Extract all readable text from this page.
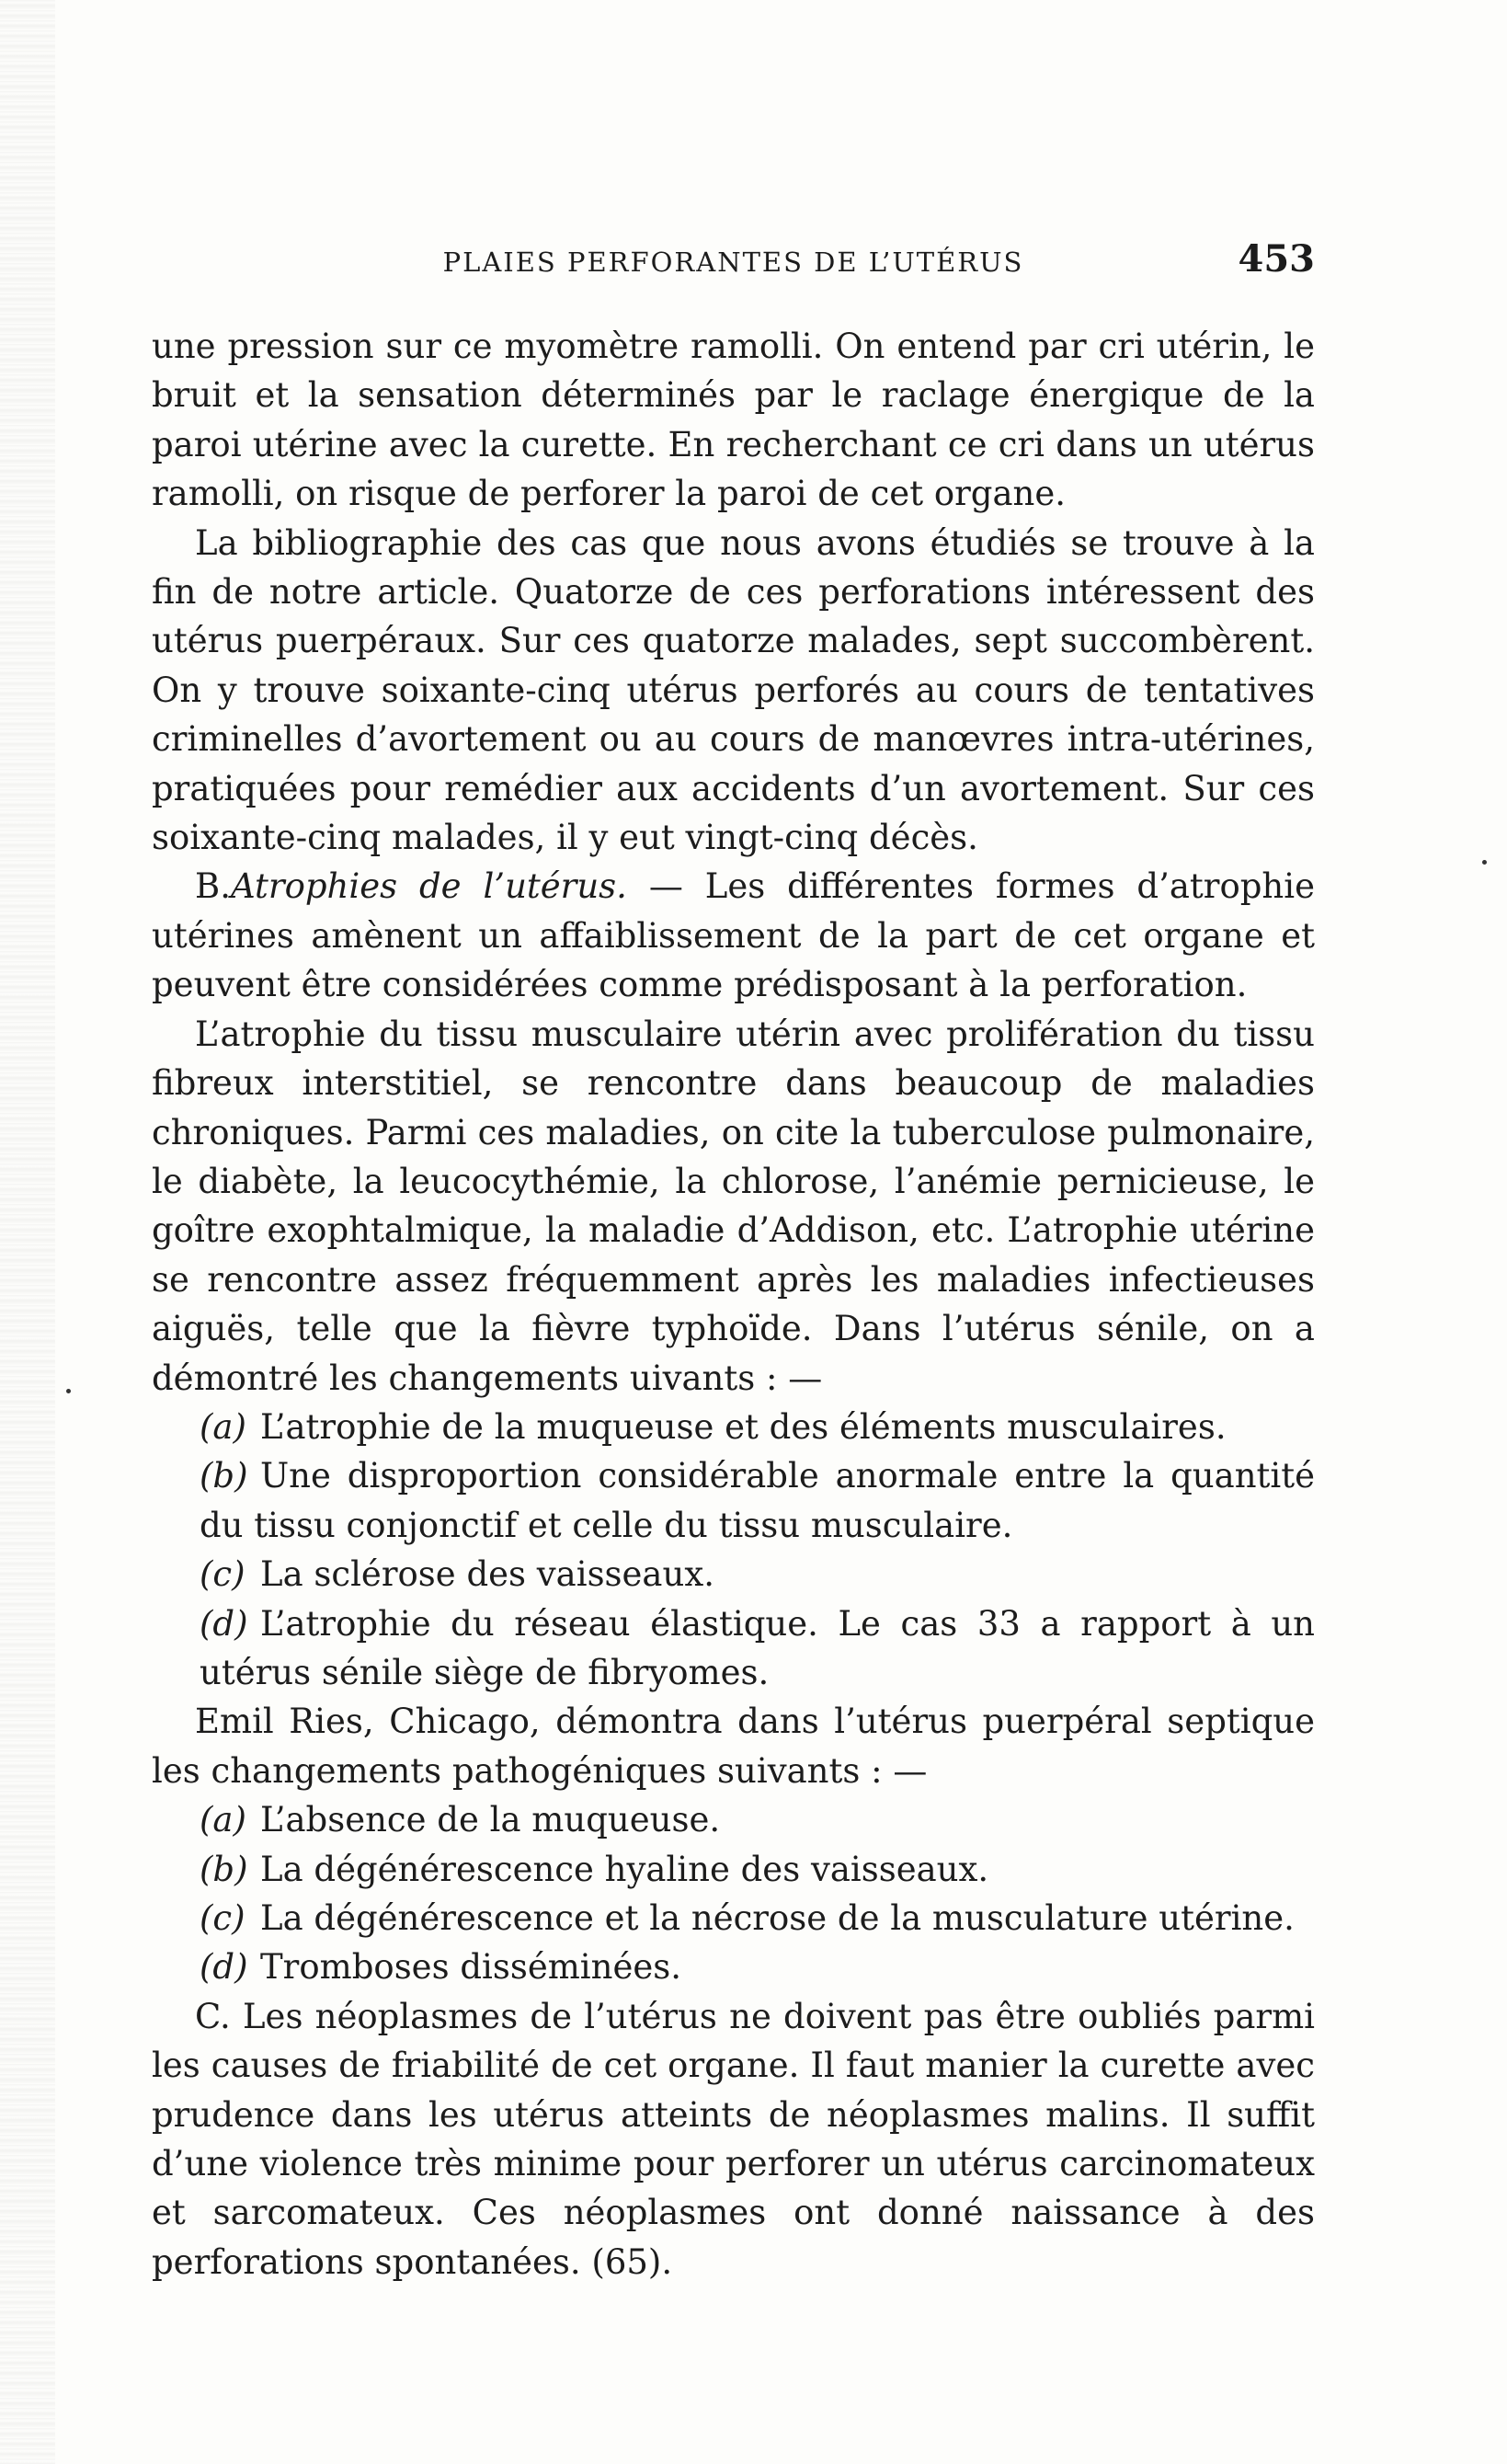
PLAIES PERFORANTES DE L’UTÉRUS	453

une pression sur ce myomètre ramolli. On entend par cri utérin, le bruit et la sensation déterminés par le raclage énergique de la paroi utérine avec la curette. En recherchant ce cri dans un utérus ramolli, on risque de perforer la paroi de cet organe.

La bibliographie des cas que nous avons étudiés se trouve à la fin de notre article. Quatorze de ces perforations intéressent des utérus puerpéraux. Sur ces quatorze malades, sept succombèrent. On y trouve soixante-cinq utérus perforés au cours de tentatives criminelles d’avortement ou au cours de manœvres intra-utérines, pratiquées pour remédier aux accidents d’un avortement. Sur ces soixante-cinq malades, il y eut vingt-cinq décès.

B.Atrophies de l’utérus. — Les différentes formes d’atrophie utérines amènent un affaiblissement de la part de cet organe et peuvent être considérées comme prédisposant à la perforation.

L’atrophie du tissu musculaire utérin avec prolifération du tissu fibreux interstitiel, se rencontre dans beaucoup de maladies chroniques. Parmi ces maladies, on cite la tuberculose pulmonaire, le diabète, la leucocythémie, la chlorose, l’anémie pernicieuse, le goître exophtalmique, la maladie d’Addison, etc. L’atrophie utérine se rencontre assez fréquemment après les maladies infectieuses aiguës, telle que la fièvre typhoïde. Dans l’utérus sénile, on a démontré les changements uivants : —

(a) L’atrophie de la muqueuse et des éléments musculaires.

(b) Une disproportion considérable anormale entre la quantité du tissu conjonctif et celle du tissu musculaire.

(c) La sclérose des vaisseaux.

(d) L’atrophie du réseau élastique. Le cas 33 a rapport à un utérus sénile siège de fibryomes.

Emil Ries, Chicago, démontra dans l’utérus puerpéral septique les changements pathogéniques suivants : —

(a) L’absence de la muqueuse.

(b) La dégénérescence hyaline des vaisseaux.

(c) La dégénérescence et la nécrose de la musculature utérine.

(d) Tromboses disséminées.

C. Les néoplasmes de l’utérus ne doivent pas être oubliés parmi les causes de friabilité de cet organe. Il faut manier la curette avec prudence dans les utérus atteints de néoplasmes malins. Il suffit d’une violence très minime pour perforer un utérus carcinomateux et sarcomateux. Ces néoplasmes ont donné naissance à des perforations spontanées. (65).
